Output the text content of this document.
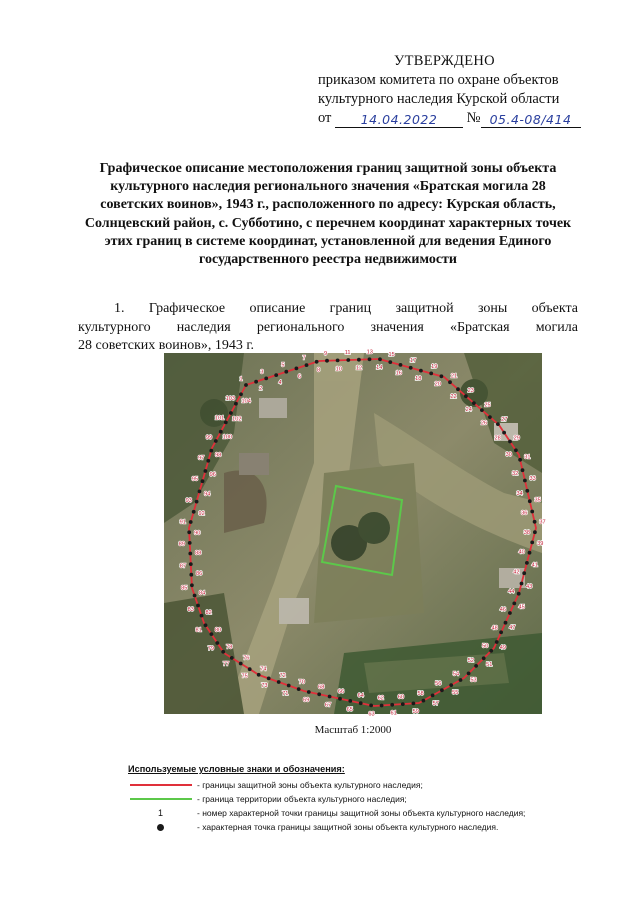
УТВЕРЖДЕНО
приказом комитета по охране объектов
культурного наследия Курской области
от 14.04.2022 № 05.4-08/414
Графическое описание местоположения границ защитной зоны объекта культурного наследия регионального значения «Братская могила 28 советских воинов», 1943 г., расположенного по адресу: Курская область, Солнцевский район, с. Субботино, с перечнем координат характерных точек этих границ в системе координат, установленной для ведения Единого государственного реестра недвижимости
1. Графическое описание границ защитной зоны объекта
культурного наследия регионального значения «Братская могила
28 советских воинов», 1943 г.
1
2
3
4
5
6
7
8
9
10
11
12
13
14
15
16
17
18
19
20
21
22
23
24
25
26
27
28 29
30 31
32
33
34
35
36
37
38
39
40
41
42
43
44
45
46
47
48
49
50
51
52
53
54
55
56
57
58
59
60
61
62
63
64
65
66
67
68
69
70
71
72
73
74
75
76
77
78
79
80
81
82
83
84
85
86
87
88
89
90
91
92
93
94
95
96
97 98
99 100
101 102
103 104
Масштаб 1:2000
Используемые условные знаки и обозначения:
- границы защитной зоны объекта культурного наследия;
- граница территории объекта культурного наследия;
1	- номер характерной точки границы защитной зоны объекта культурного наследия;
- характерная точка границы защитной зоны объекта культурного наследия.
